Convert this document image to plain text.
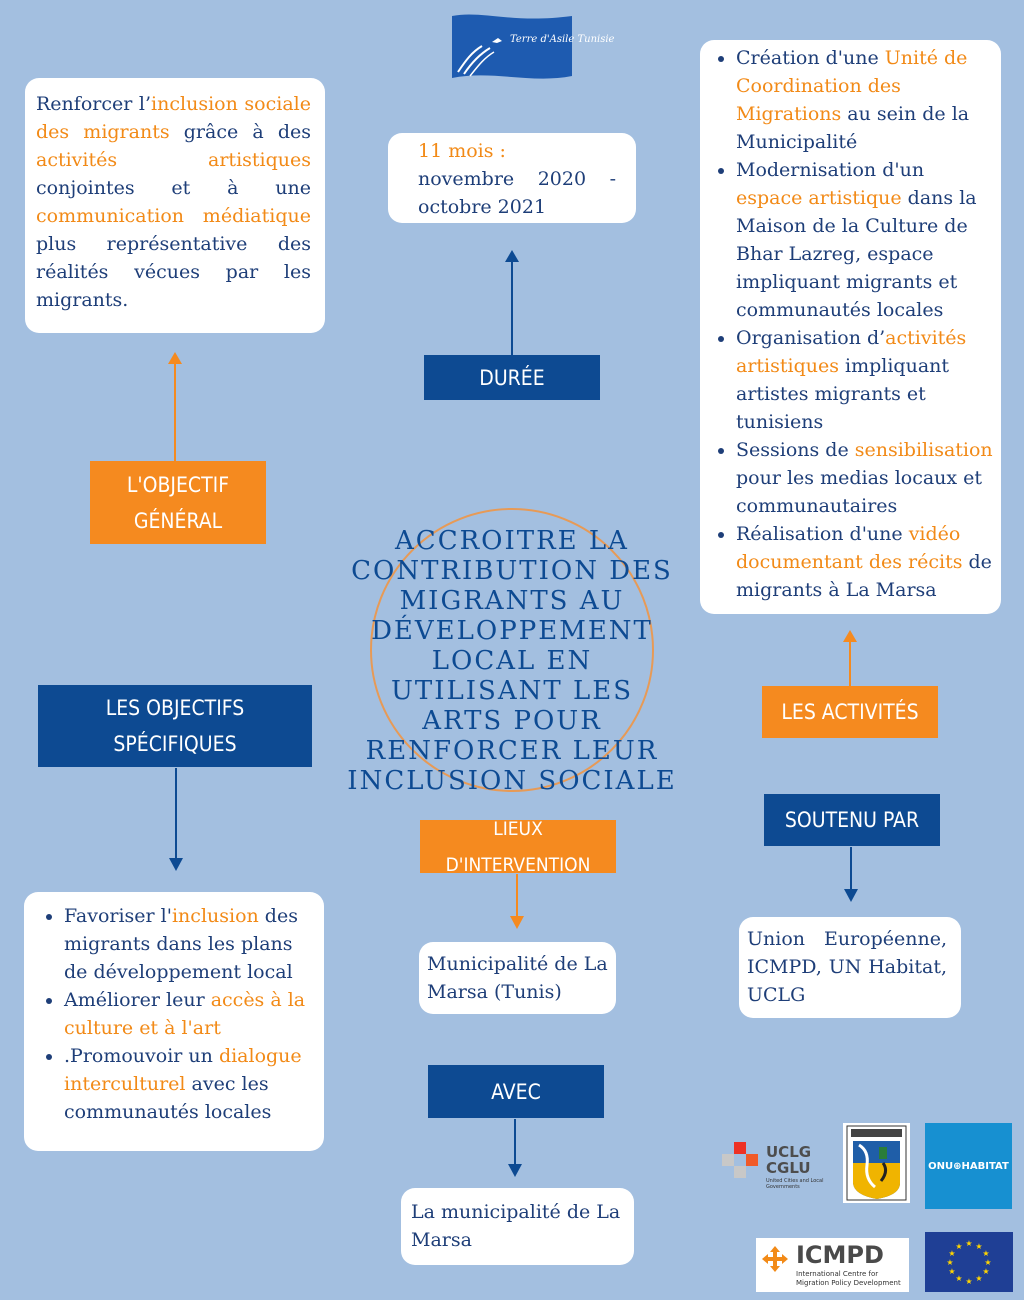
Terre d'Asile Tunisie
Renforcer l’inclusion sociale des migrants grâce à des activités artistiques conjointes et à une communication médiatique plus représentative des réalités vécues par les migrants.
L'OBJECTIF
GÉNÉRAL
11 mois :
novembre 2020 - octobre 2021
DURÉE
• Création d'une Unité de Coordination des Migrations au sein de la Municipalité
• Modernisation d'un espace artistique dans la Maison de la Culture de Bhar Lazreg, espace impliquant migrants et communautés locales
• Organisation d’activités artistiques impliquant artistes migrants et tunisiens
• Sessions de sensibilisation pour les medias locaux et communautaires
• Réalisation d'une vidéo documentant des récits de migrants à La Marsa
LES ACTIVITÉS
ACCROITRE LA CONTRIBUTION DES MIGRANTS AU DÉVELOPPEMENT LOCAL EN UTILISANT LES ARTS POUR RENFORCER LEUR INCLUSION SOCIALE
LES OBJECTIFS
SPÉCIFIQUES
• Favoriser l'inclusion des migrants dans les plans de développement local
• Améliorer leur accès à la culture et à l'art
• .Promouvoir un dialogue interculturel avec les communautés locales
LIEUX D'INTERVENTION
Municipalité de La Marsa (Tunis)
SOUTENU PAR
Union Européenne, ICMPD, UN Habitat, UCLG
AVEC
La municipalité de La Marsa
UCLG
CGLU
United Cities and Local Governments
ONU⊕HABITAT
ICMPD
International Centre for Migration Policy Development
★ ★
★
★
★
★
★
★
★
★
★
★
